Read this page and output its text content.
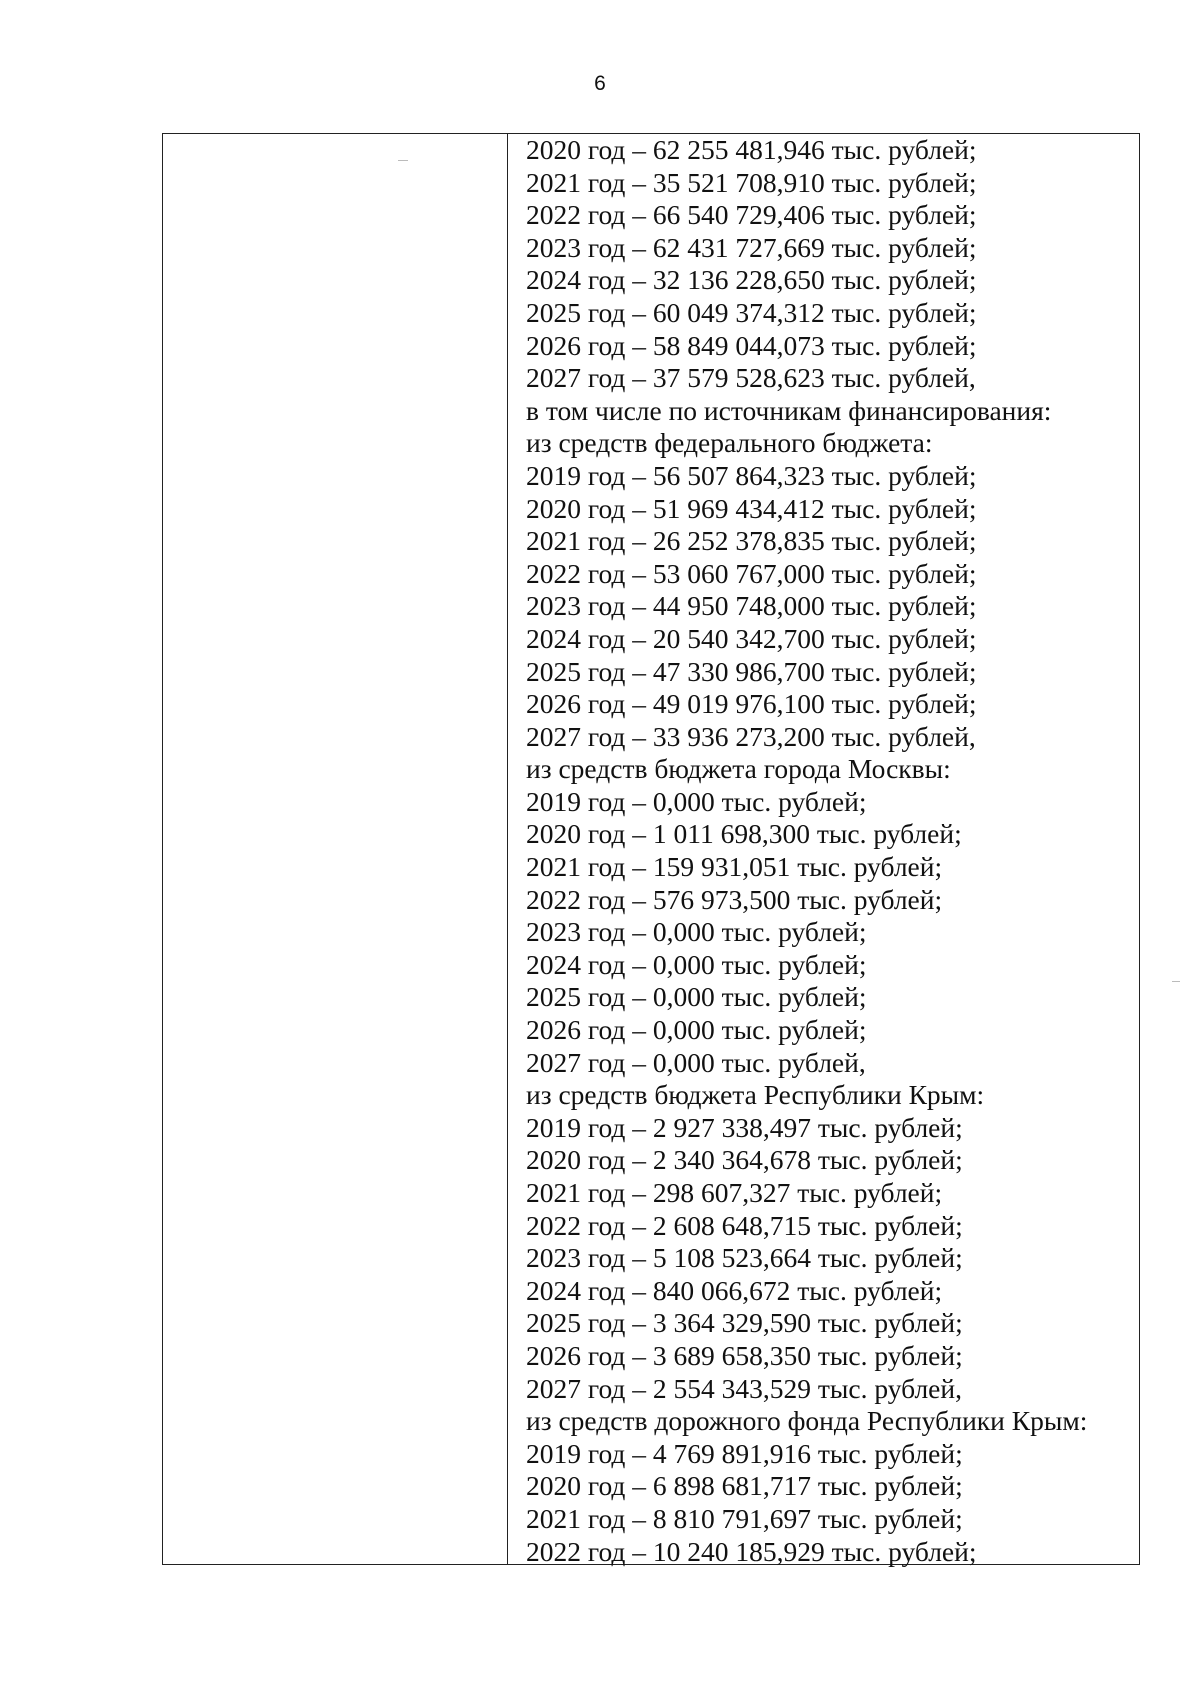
6
2020 год – 62 255 481,946 тыс. рублей;
2021 год – 35 521 708,910 тыс. рублей;
2022 год – 66 540 729,406 тыс. рублей;
2023 год – 62 431 727,669 тыс. рублей;
2024 год – 32 136 228,650 тыс. рублей;
2025 год – 60 049 374,312 тыс. рублей;
2026 год – 58 849 044,073 тыс. рублей;
2027 год – 37 579 528,623 тыс. рублей,
в том числе по источникам финансирования:
из средств федерального бюджета:
2019 год – 56 507 864,323 тыс. рублей;
2020 год – 51 969 434,412 тыс. рублей;
2021 год – 26 252 378,835 тыс. рублей;
2022 год – 53 060 767,000 тыс. рублей;
2023 год – 44 950 748,000 тыс. рублей;
2024 год – 20 540 342,700 тыс. рублей;
2025 год – 47 330 986,700 тыс. рублей;
2026 год – 49 019 976,100 тыс. рублей;
2027 год – 33 936 273,200 тыс. рублей,
из средств бюджета города Москвы:
2019 год – 0,000 тыс. рублей;
2020 год – 1 011 698,300 тыс. рублей;
2021 год – 159 931,051 тыс. рублей;
2022 год – 576 973,500 тыс. рублей;
2023 год – 0,000 тыс. рублей;
2024 год – 0,000 тыс. рублей;
2025 год – 0,000 тыс. рублей;
2026 год – 0,000 тыс. рублей;
2027 год – 0,000 тыс. рублей,
из средств бюджета Республики Крым:
2019 год – 2 927 338,497 тыс. рублей;
2020 год – 2 340 364,678 тыс. рублей;
2021 год – 298 607,327 тыс. рублей;
2022 год – 2 608 648,715 тыс. рублей;
2023 год – 5 108 523,664 тыс. рублей;
2024 год – 840 066,672 тыс. рублей;
2025 год – 3 364 329,590 тыс. рублей;
2026 год – 3 689 658,350 тыс. рублей;
2027 год – 2 554 343,529 тыс. рублей,
из средств дорожного фонда Республики Крым:
2019 год – 4 769 891,916 тыс. рублей;
2020 год – 6 898 681,717 тыс. рублей;
2021 год – 8 810 791,697 тыс. рублей;
2022 год – 10 240 185,929 тыс. рублей;
